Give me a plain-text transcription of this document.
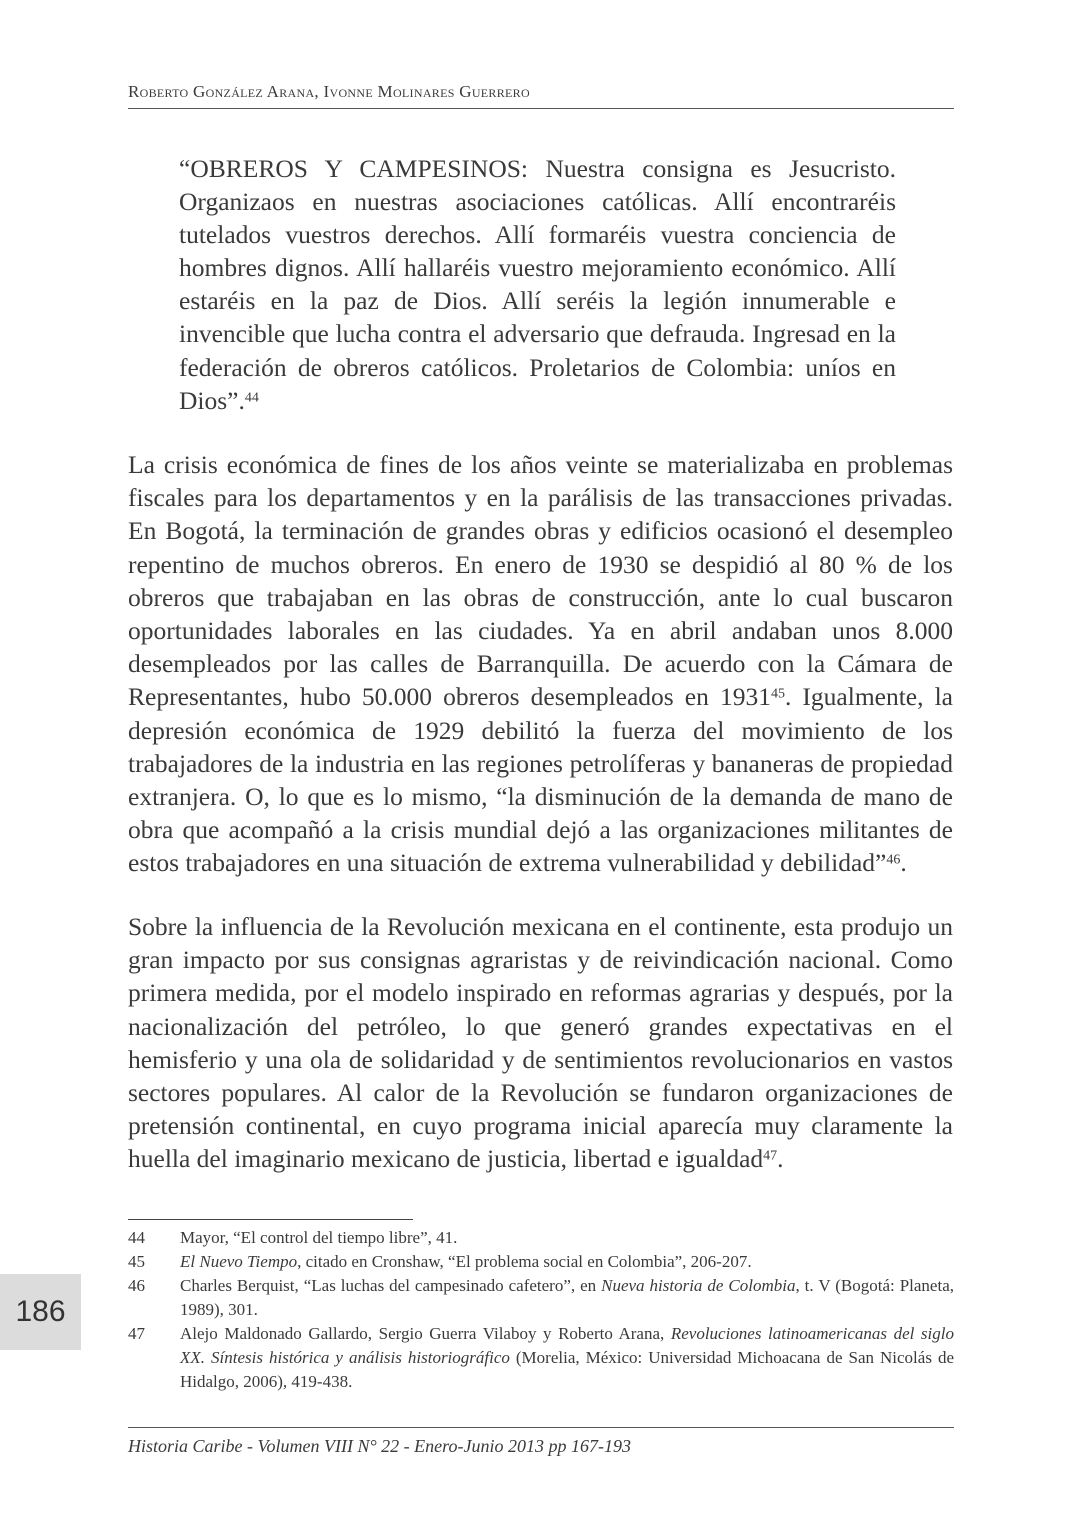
Roberto González Arana, Ivonne Molinares Guerrero

“OBREROS Y CAMPESINOS: Nuestra consigna es Jesucristo. Organizaos en nuestras asociaciones católicas. Allí encontraréis tutelados vuestros derechos. Allí formaréis vuestra conciencia de hombres dignos. Allí hallaréis vuestro mejoramiento económico. Allí estaréis en la paz de Dios. Allí seréis la legión innumerable e invencible que lucha contra el adversario que defrauda. Ingresad en la federación de obreros católicos. Proletarios de Colombia: uníos en Dios”.$^{44}$

La crisis económica de fines de los años veinte se materializaba en problemas fiscales para los departamentos y en la parálisis de las transacciones privadas. En Bogotá, la terminación de grandes obras y edificios ocasionó el desempleo repentino de muchos obreros. En enero de 1930 se despidió al 80 % de los obreros que trabajaban en las obras de construcción, ante lo cual buscaron oportunidades laborales en las ciudades. Ya en abril andaban unos 8.000 desempleados por las calles de Barranquilla. De acuerdo con la Cámara de Representantes, hubo 50.000 obreros desempleados en 1931$^{45}$. Igualmente, la depresión económica de 1929 debilitó la fuerza del movimiento de los trabajadores de la industria en las regiones petrolíferas y bananeras de propiedad extranjera. O, lo que es lo mismo, “la disminución de la demanda de mano de obra que acompañó a la crisis mundial dejó a las organizaciones militantes de estos trabajadores en una situación de extrema vulnerabilidad y debilidad”$^{46}$.

Sobre la influencia de la Revolución mexicana en el continente, esta produjo un gran impacto por sus consignas agraristas y de reivindicación nacional. Como primera medida, por el modelo inspirado en reformas agrarias y después, por la nacionalización del petróleo, lo que generó grandes expectativas en el hemisferio y una ola de solidaridad y de sentimientos revolucionarios en vastos sectores populares. Al calor de la Revolución se fundaron organizaciones de pretensión continental, en cuyo programa inicial aparecía muy claramente la huella del imaginario mexicano de justicia, libertad e igualdad$^{47}$.

44	Mayor, “El control del tiempo libre”, 41.
45	El Nuevo Tiempo, citado en Cronshaw, “El problema social en Colombia”, 206-207.
46	Charles Berquist, “Las luchas del campesinado cafetero”, en Nueva historia de Colombia, t. V (Bogotá: Planeta, 1989), 301.
47	Alejo Maldonado Gallardo, Sergio Guerra Vilaboy y Roberto Arana, Revoluciones latinoamericanas del siglo XX. Síntesis histórica y análisis historiográfico (Morelia, México: Universidad Michoacana de San Nicolás de Hidalgo, 2006), 419-438.
186
Historia Caribe - Volumen VIII N° 22 - Enero-Junio 2013 pp 167-193
